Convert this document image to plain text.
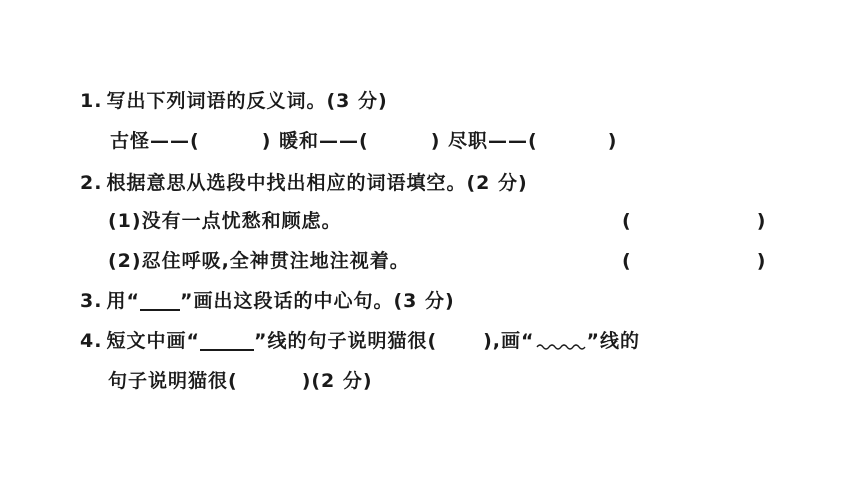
1. 写出下列词语的反义词。(3 分)
古怪——(	) 暖和——(	) 尽职——(	)
2. 根据意思从选段中找出相应的词语填空。(2 分)
(1)没有一点忧愁和顾虑。	(	)
(2)忍住呼吸,全神贯注地注视着。	(	)
3. 用“ ”画出这段话的中心句。(3 分)
4. 短文中画“	”线的句子说明猫很( ),画“	”线的
句子说明猫很(	)(2 分)
